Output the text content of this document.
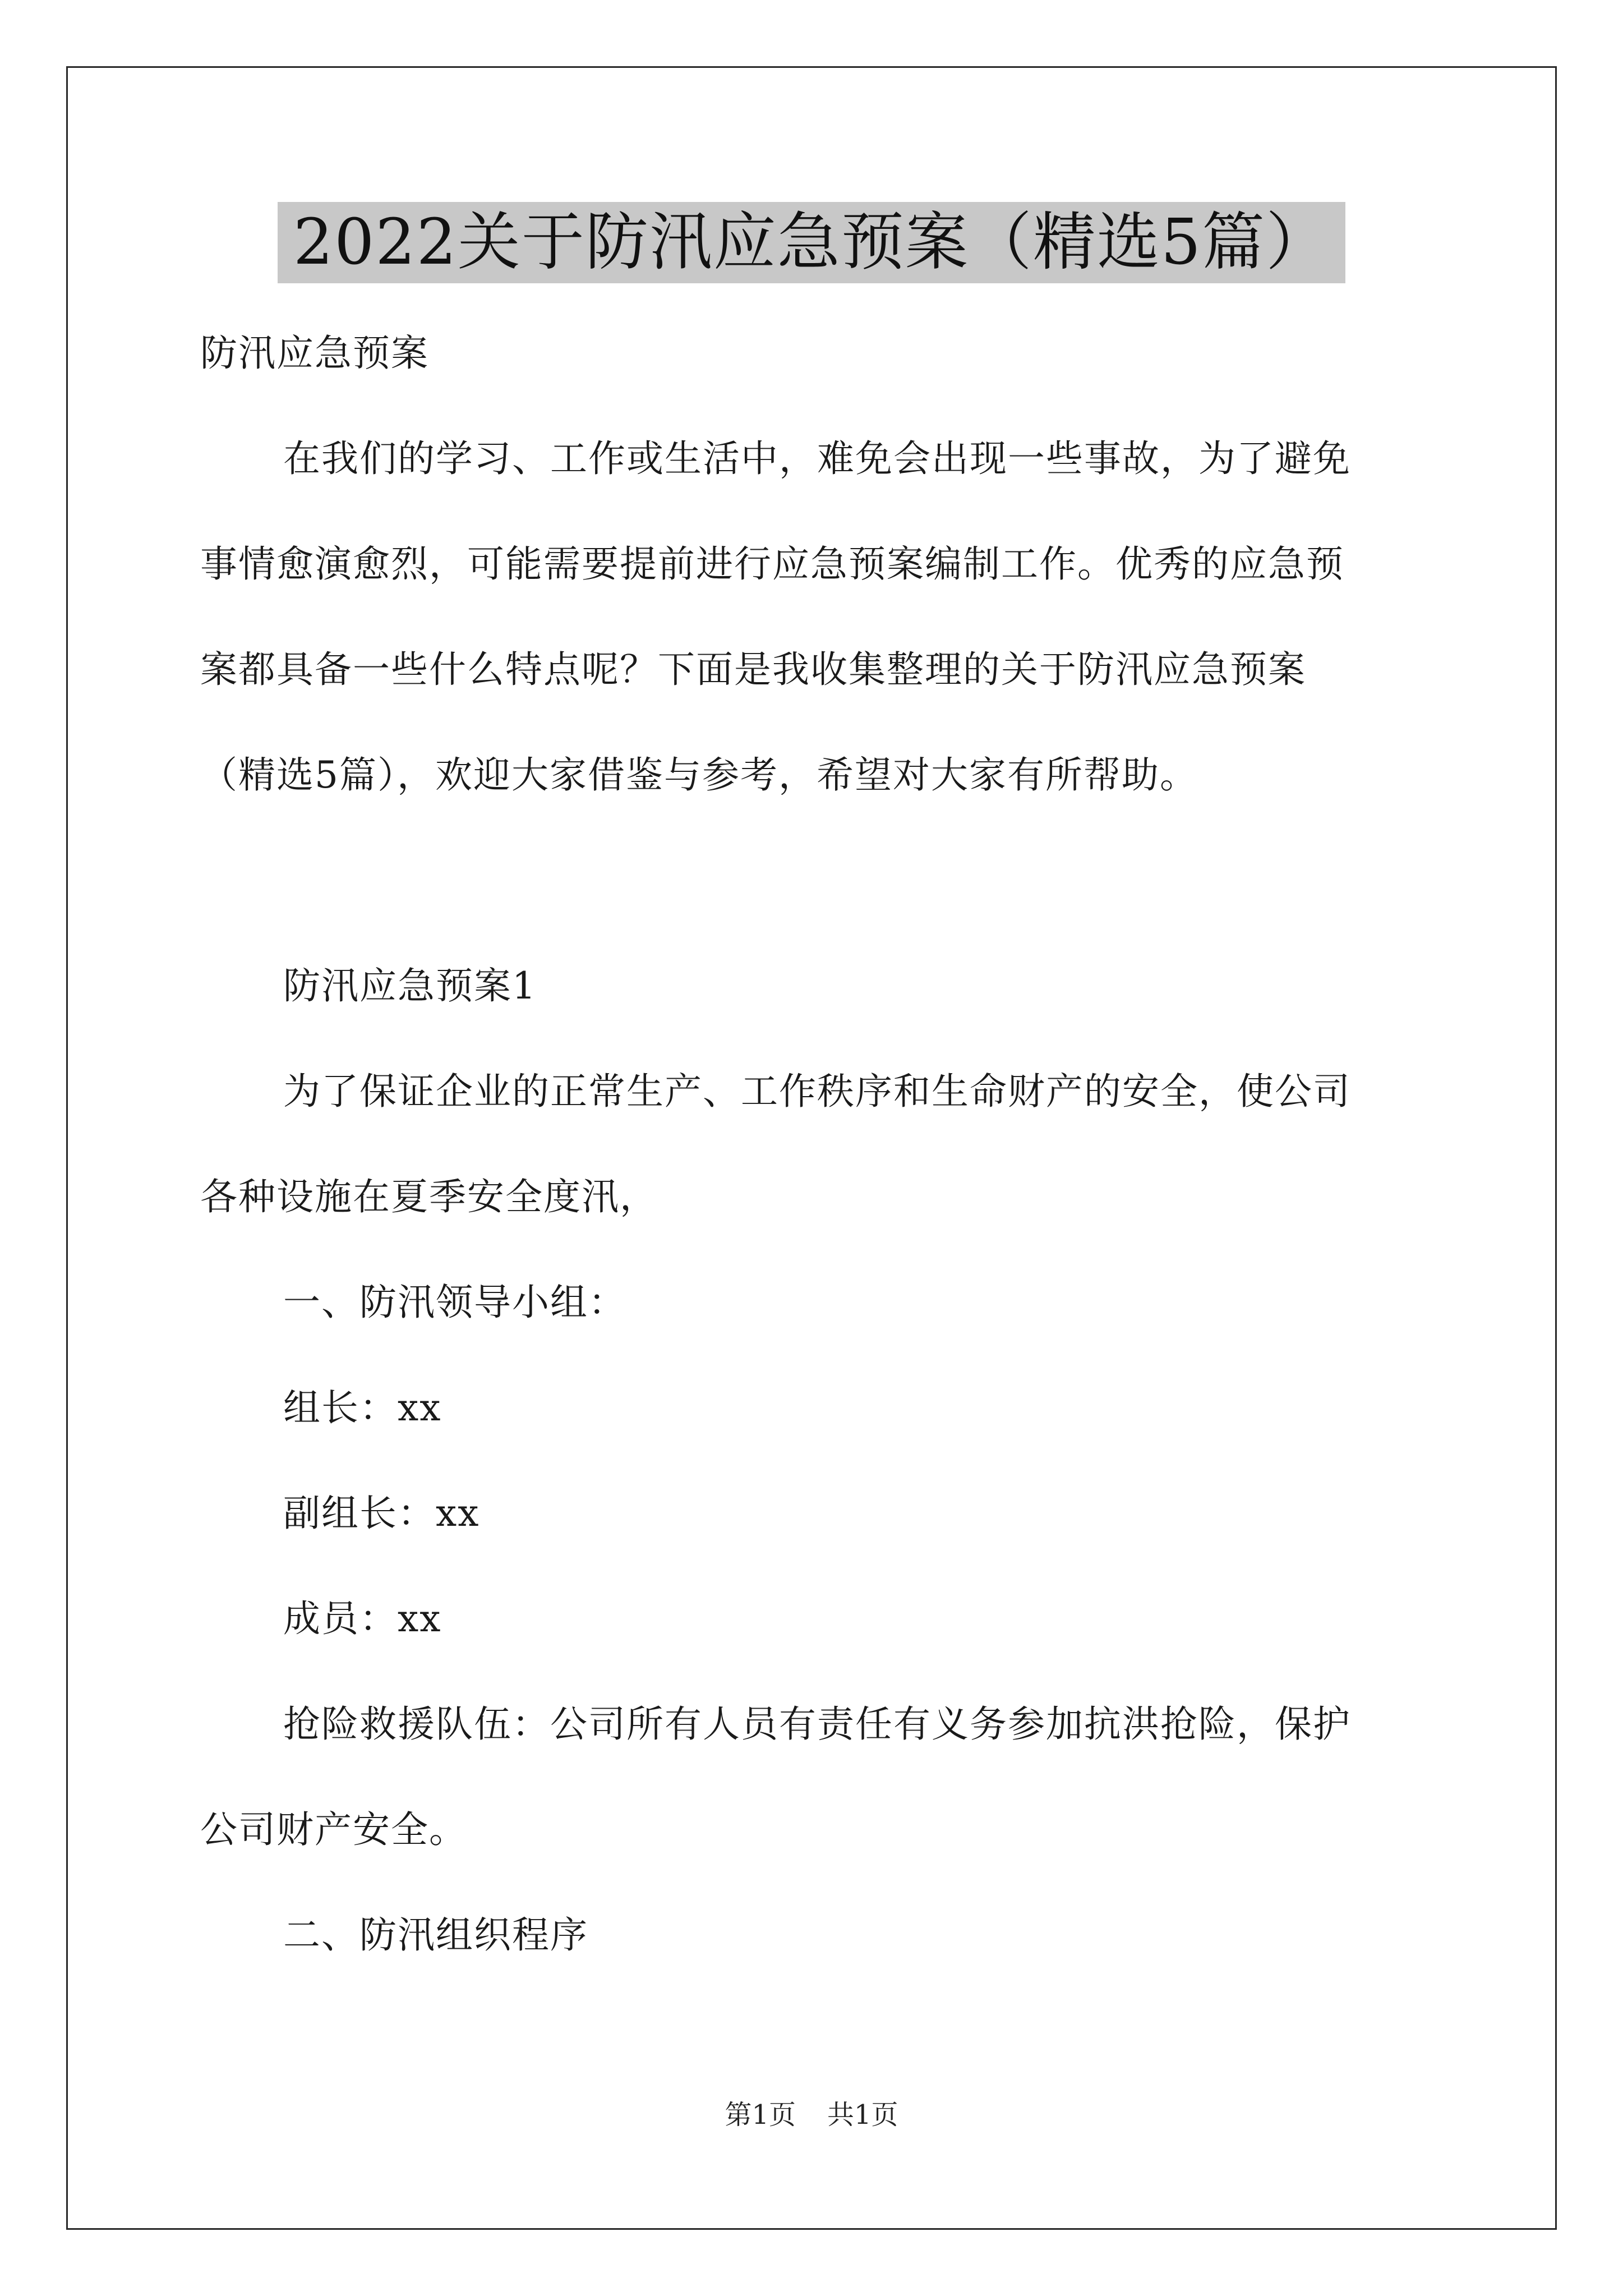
2022关于防汛应急预案（精选5篇）

防汛应急预案

在我们的学习、工作或生活中，难免会出现一些事故，为了避免

事情愈演愈烈，可能需要提前进行应急预案编制工作。优秀的应急预

案都具备一些什么特点呢？下面是我收集整理的关于防汛应急预案

（精选5篇），欢迎大家借鉴与参考，希望对大家有所帮助。

防汛应急预案1

为了保证企业的正常生产、工作秩序和生命财产的安全，使公司

各种设施在夏季安全度汛，

一、防汛领导小组：

组长：xx

副组长：xx

成员：xx

抢险救援队伍：公司所有人员有责任有义务参加抗洪抢险，保护

公司财产安全。

二、防汛组织程序

第1页 共1页
